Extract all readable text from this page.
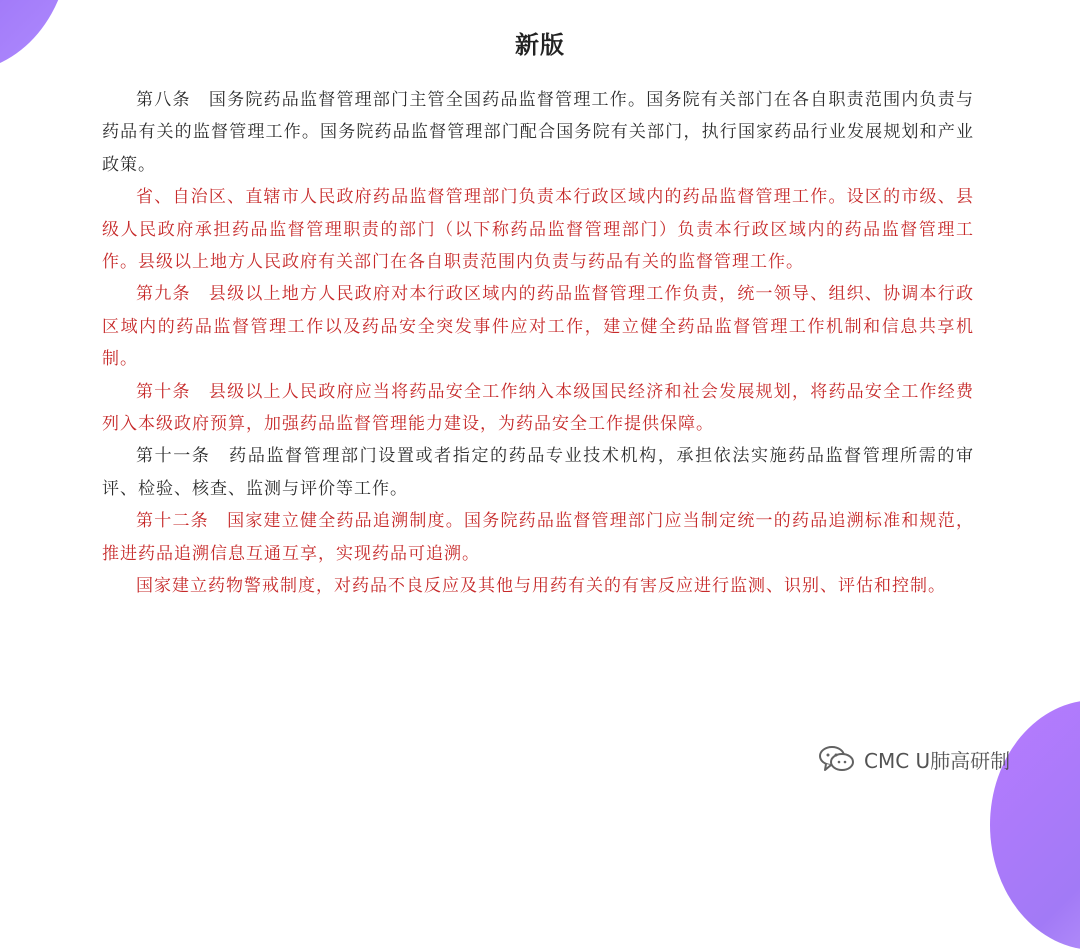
新版

第八条　国务院药品监督管理部门主管全国药品监督管理工作。国务院有关部门在各自职责范围内负责与药品有关的监督管理工作。国务院药品监督管理部门配合国务院有关部门，执行国家药品行业发展规划和产业政策。

省、自治区、直辖市人民政府药品监督管理部门负责本行政区域内的药品监督管理工作。设区的市级、县级人民政府承担药品监督管理职责的部门（以下称药品监督管理部门）负责本行政区域内的药品监督管理工作。县级以上地方人民政府有关部门在各自职责范围内负责与药品有关的监督管理工作。

第九条　县级以上地方人民政府对本行政区域内的药品监督管理工作负责，统一领导、组织、协调本行政区域内的药品监督管理工作以及药品安全突发事件应对工作，建立健全药品监督管理工作机制和信息共享机制。

第十条　县级以上人民政府应当将药品安全工作纳入本级国民经济和社会发展规划，将药品安全工作经费列入本级政府预算，加强药品监督管理能力建设，为药品安全工作提供保障。

第十一条　药品监督管理部门设置或者指定的药品专业技术机构，承担依法实施药品监督管理所需的审评、检验、核查、监测与评价等工作。

第十二条　国家建立健全药品追溯制度。国务院药品监督管理部门应当制定统一的药品追溯标准和规范，推进药品追溯信息互通互享，实现药品可追溯。

国家建立药物警戒制度，对药品不良反应及其他与用药有关的有害反应进行监测、识别、评估和控制。

CMC U肺高研制
